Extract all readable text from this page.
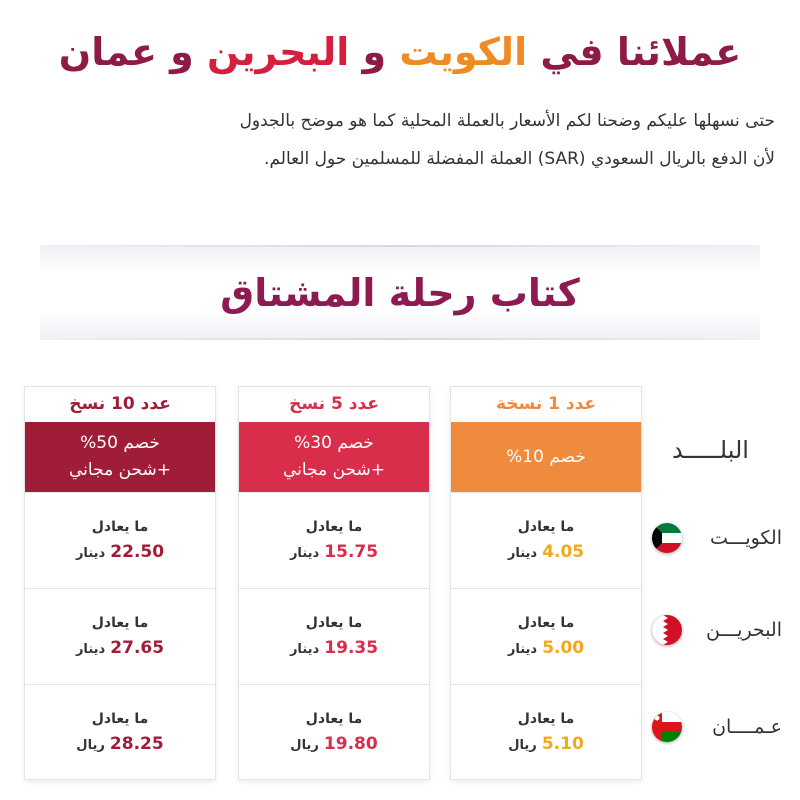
عملائنا في الكويت و البحرين و عمان
حتى نسهلها عليكم وضحنا لكم الأسعار بالعملة المحلية كما هو موضح بالجدول
لأن الدفع بالريال السعودي (SAR) العملة المفضلة للمسلمين حول العالم.
كتاب رحلة المشتاق
عدد 1 نسخة
خصم 10%
ما يعادل
4.05 دينار
ما يعادل
5.00 دينار
ما يعادل
5.10 ريال
عدد 5 نسخ
خصم 30%
+شحن مجاني
ما يعادل
15.75 دينار
ما يعادل
19.35 دينار
ما يعادل
19.80 ريال
عدد 10 نسخ
خصم 50%
+شحن مجاني
ما يعادل
22.50 دينار
ما يعادل
27.65 دينار
ما يعادل
28.25 ريال
البلـــــد
الكويـــت
البحريـــن
عـمــــان
